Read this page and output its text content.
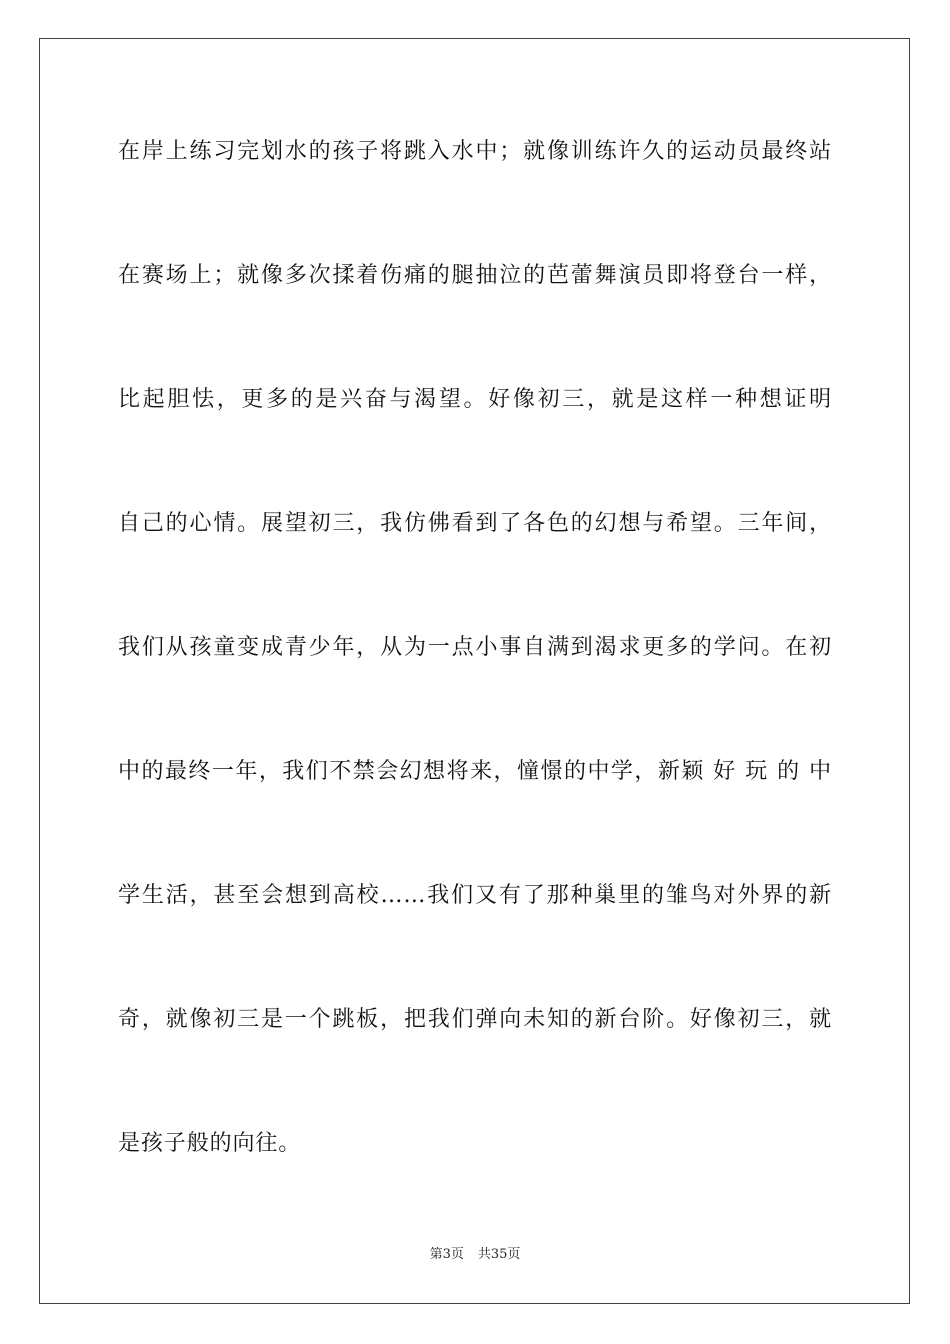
在岸上练习完划水的孩子将跳入水中；就像训练许久的运动员最终站

在赛场上；就像多次揉着伤痛的腿抽泣的芭蕾舞演员即将登台一样，

比起胆怯，更多的是兴奋与渴望。好像初三，就是这样一种想证明

自己的心情。展望初三，我仿佛看到了各色的幻想与希望。三年间，

我们从孩童变成青少年，从为一点小事自满到渴求更多的学问。在初

中的最终一年，我们不禁会幻想将来，憧憬的中学，新颖 好 玩 的 中

学生活，甚至会想到高校……我们又有了那种巢里的雏鸟对外界的新

奇，就像初三是一个跳板，把我们弹向未知的新台阶。好像初三，就

是孩子般的向往。

第3页 共35页
